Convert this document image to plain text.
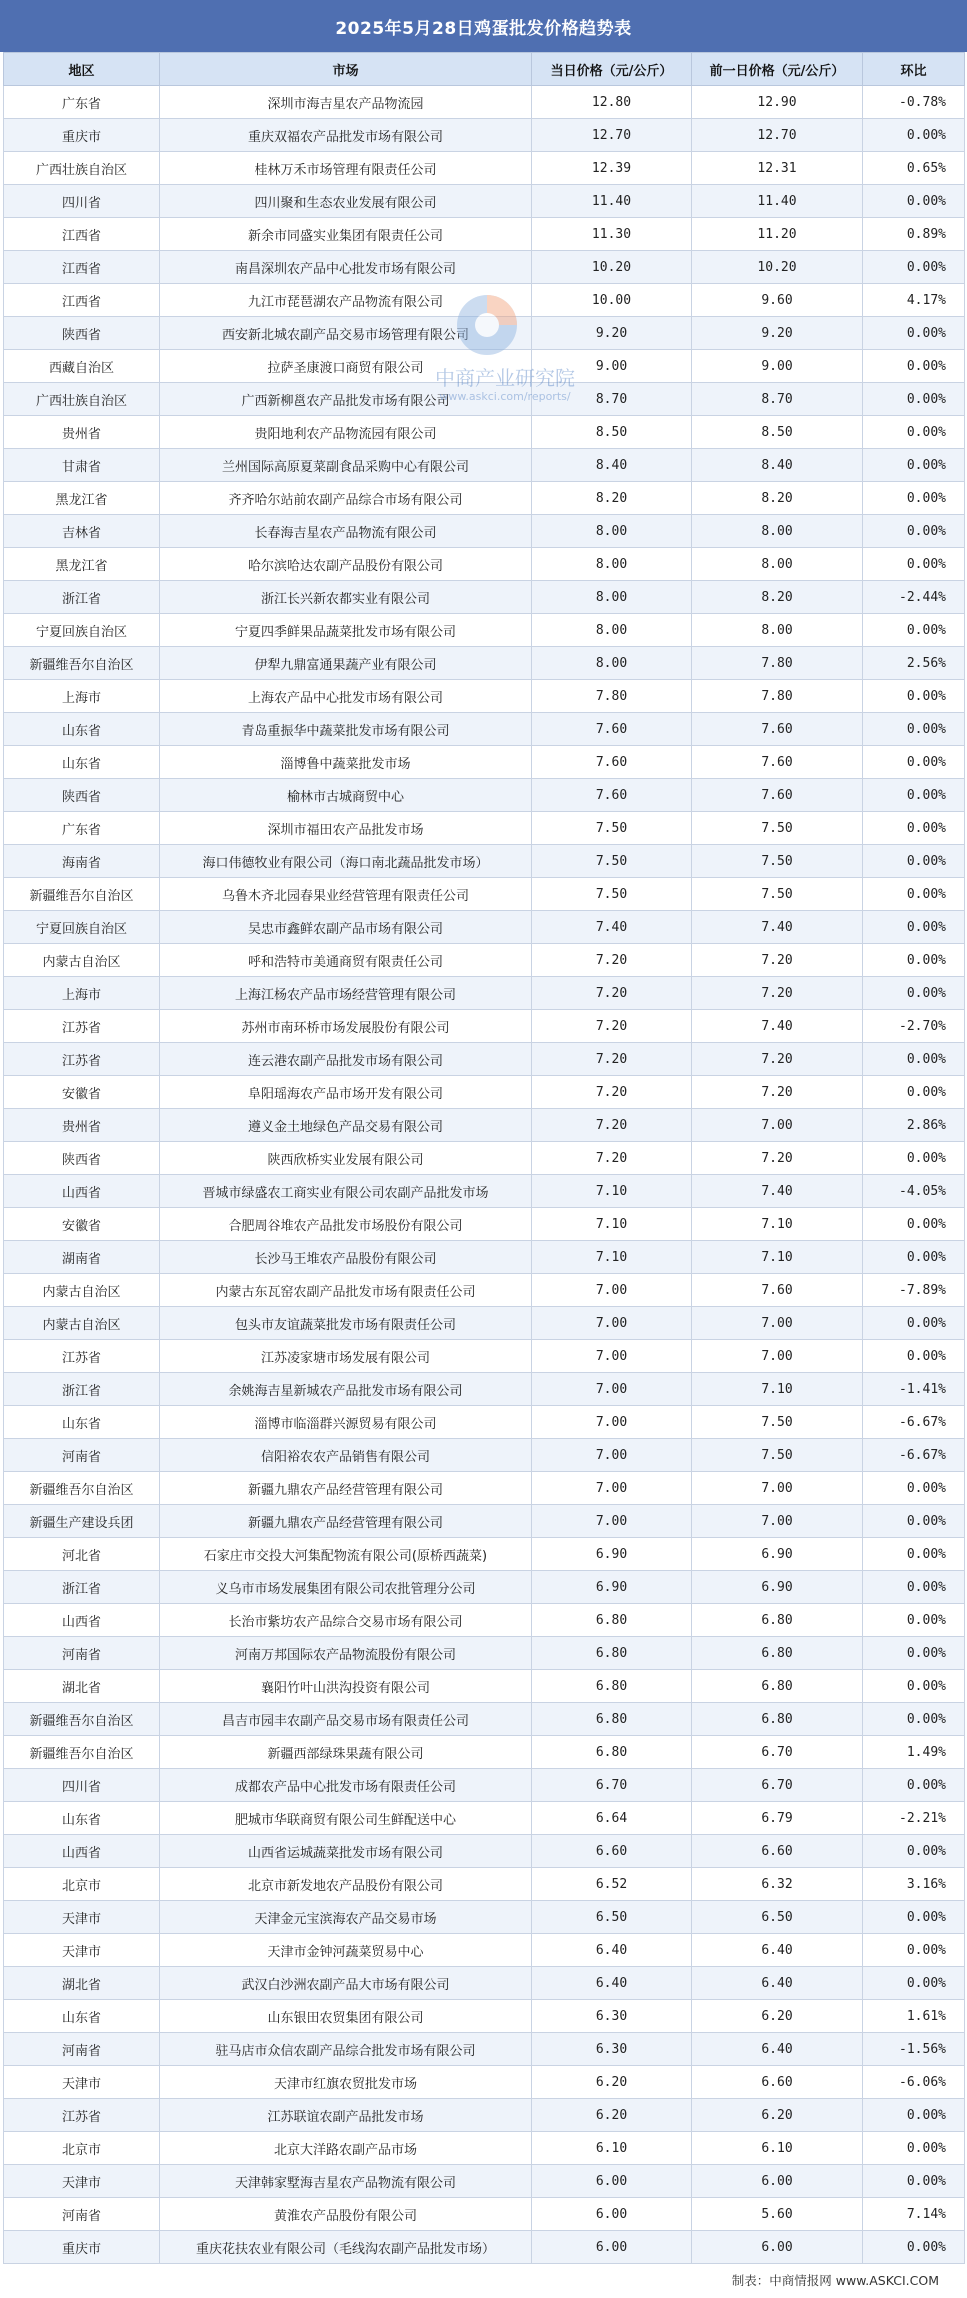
2025年5月28日鸡蛋批发价格趋势表
地区	市场	当日价格（元/公斤）	前一日价格（元/公斤）	环比
广东省	深圳市海吉星农产品物流园	12.80	12.90	-0.78%
重庆市	重庆双福农产品批发市场有限公司	12.70	12.70	0.00%
广西壮族自治区	桂林万禾市场管理有限责任公司	12.39	12.31	0.65%
四川省	四川聚和生态农业发展有限公司	11.40	11.40	0.00%
江西省	新余市同盛实业集团有限责任公司	11.30	11.20	0.89%
江西省	南昌深圳农产品中心批发市场有限公司	10.20	10.20	0.00%
江西省	九江市琵琶湖农产品物流有限公司	10.00	9.60	4.17%
陕西省	西安新北城农副产品交易市场管理有限公司	9.20	9.20	0.00%
西藏自治区	拉萨圣康渡口商贸有限公司	9.00	9.00	0.00%
广西壮族自治区	广西新柳邕农产品批发市场有限公司	8.70	8.70	0.00%
贵州省	贵阳地利农产品物流园有限公司	8.50	8.50	0.00%
甘肃省	兰州国际高原夏菜副食品采购中心有限公司	8.40	8.40	0.00%
黑龙江省	齐齐哈尔站前农副产品综合市场有限公司	8.20	8.20	0.00%
吉林省	长春海吉星农产品物流有限公司	8.00	8.00	0.00%
黑龙江省	哈尔滨哈达农副产品股份有限公司	8.00	8.00	0.00%
浙江省	浙江长兴新农都实业有限公司	8.00	8.20	-2.44%
宁夏回族自治区	宁夏四季鲜果品蔬菜批发市场有限公司	8.00	8.00	0.00%
新疆维吾尔自治区	伊犁九鼎富通果蔬产业有限公司	8.00	7.80	2.56%
上海市	上海农产品中心批发市场有限公司	7.80	7.80	0.00%
山东省	青岛重振华中蔬菜批发市场有限公司	7.60	7.60	0.00%
山东省	淄博鲁中蔬菜批发市场	7.60	7.60	0.00%
陕西省	榆林市古城商贸中心	7.60	7.60	0.00%
广东省	深圳市福田农产品批发市场	7.50	7.50	0.00%
海南省	海口伟德牧业有限公司（海口南北蔬品批发市场）	7.50	7.50	0.00%
新疆维吾尔自治区	乌鲁木齐北园春果业经营管理有限责任公司	7.50	7.50	0.00%
宁夏回族自治区	吴忠市鑫鲜农副产品市场有限公司	7.40	7.40	0.00%
内蒙古自治区	呼和浩特市美通商贸有限责任公司	7.20	7.20	0.00%
上海市	上海江杨农产品市场经营管理有限公司	7.20	7.20	0.00%
江苏省	苏州市南环桥市场发展股份有限公司	7.20	7.40	-2.70%
江苏省	连云港农副产品批发市场有限公司	7.20	7.20	0.00%
安徽省	阜阳瑶海农产品市场开发有限公司	7.20	7.20	0.00%
贵州省	遵义金土地绿色产品交易有限公司	7.20	7.00	2.86%
陕西省	陕西欣桥实业发展有限公司	7.20	7.20	0.00%
山西省	晋城市绿盛农工商实业有限公司农副产品批发市场	7.10	7.40	-4.05%
安徽省	合肥周谷堆农产品批发市场股份有限公司	7.10	7.10	0.00%
湖南省	长沙马王堆农产品股份有限公司	7.10	7.10	0.00%
内蒙古自治区	内蒙古东瓦窑农副产品批发市场有限责任公司	7.00	7.60	-7.89%
内蒙古自治区	包头市友谊蔬菜批发市场有限责任公司	7.00	7.00	0.00%
江苏省	江苏凌家塘市场发展有限公司	7.00	7.00	0.00%
浙江省	余姚海吉星新城农产品批发市场有限公司	7.00	7.10	-1.41%
山东省	淄博市临淄群兴源贸易有限公司	7.00	7.50	-6.67%
河南省	信阳裕农农产品销售有限公司	7.00	7.50	-6.67%
新疆维吾尔自治区	新疆九鼎农产品经营管理有限公司	7.00	7.00	0.00%
新疆生产建设兵团	新疆九鼎农产品经营管理有限公司	7.00	7.00	0.00%
河北省	石家庄市交投大河集配物流有限公司(原桥西蔬菜)	6.90	6.90	0.00%
浙江省	义乌市市场发展集团有限公司农批管理分公司	6.90	6.90	0.00%
山西省	长治市紫坊农产品综合交易市场有限公司	6.80	6.80	0.00%
河南省	河南万邦国际农产品物流股份有限公司	6.80	6.80	0.00%
湖北省	襄阳竹叶山洪沟投资有限公司	6.80	6.80	0.00%
新疆维吾尔自治区	昌吉市园丰农副产品交易市场有限责任公司	6.80	6.80	0.00%
新疆维吾尔自治区	新疆西部绿珠果蔬有限公司	6.80	6.70	1.49%
四川省	成都农产品中心批发市场有限责任公司	6.70	6.70	0.00%
山东省	肥城市华联商贸有限公司生鲜配送中心	6.64	6.79	-2.21%
山西省	山西省运城蔬菜批发市场有限公司	6.60	6.60	0.00%
北京市	北京市新发地农产品股份有限公司	6.52	6.32	3.16%
天津市	天津金元宝滨海农产品交易市场	6.50	6.50	0.00%
天津市	天津市金钟河蔬菜贸易中心	6.40	6.40	0.00%
湖北省	武汉白沙洲农副产品大市场有限公司	6.40	6.40	0.00%
山东省	山东银田农贸集团有限公司	6.30	6.20	1.61%
河南省	驻马店市众信农副产品综合批发市场有限公司	6.30	6.40	-1.56%
天津市	天津市红旗农贸批发市场	6.20	6.60	-6.06%
江苏省	江苏联谊农副产品批发市场	6.20	6.20	0.00%
北京市	北京大洋路农副产品市场	6.10	6.10	0.00%
天津市	天津韩家墅海吉星农产品物流有限公司	6.00	6.00	0.00%
河南省	黄淮农产品股份有限公司	6.00	5.60	7.14%
重庆市	重庆花扶农业有限公司（毛线沟农副产品批发市场）	6.00	6.00	0.00%
中商产业研究院
www.askci.com/reports/
制表：中商情报网 www.ASKCI.COM
